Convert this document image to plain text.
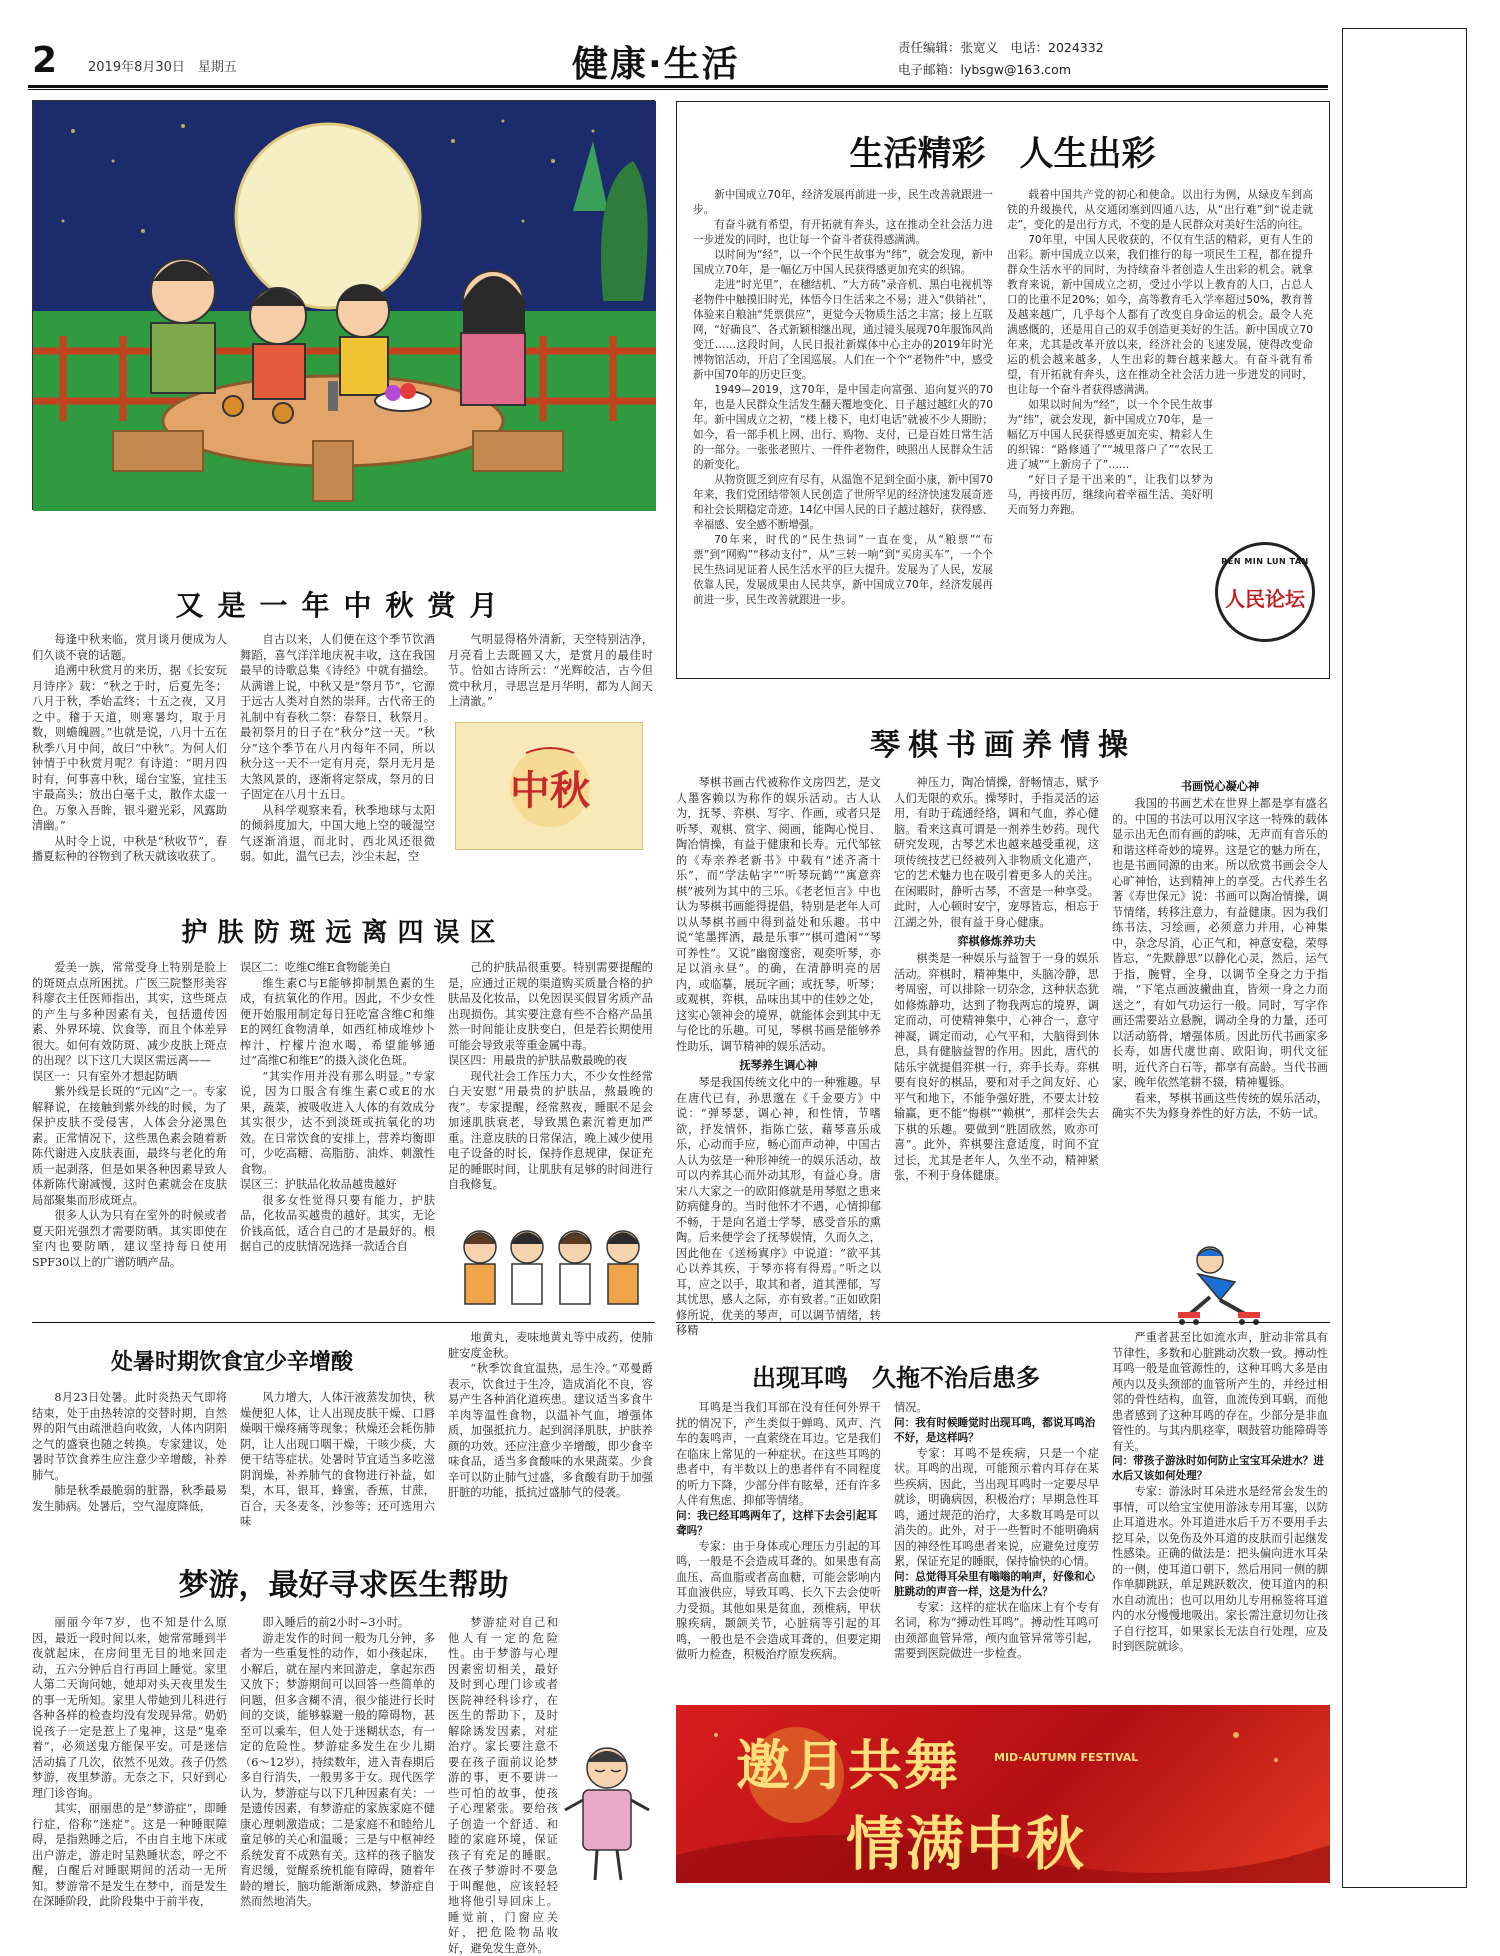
2 2019年8月30日　星期五	健康·生活	责任编辑：张宽义　电话：2024332
电子邮箱：lybsgw@163.com
生活精彩　人生出彩

新中国成立70年，经济发展再前进一步，民生改善就跟进一步。

有奋斗就有希望，有开拓就有奔头，这在推动全社会活力进一步迸发的同时，也让每一个奋斗者获得感满满。

以时间为“经”，以一个个民生故事为“纬”，就会发现，新中国成立70年，是一幅亿万中国人民获得感更加充实的织锦。

走进“时光里”，在穗结机、“大方砖”录音机、黑白电视机等老物件中触摸旧时光，体悟今日生活来之不易；进入“供销社”，体验来自粮油“凭票供应”，更觉今天物质生活之丰富；接上互联网，“好确良”、各式新颖相继出现，通过镜头展现70年服饰风尚变迁……这段时间，人民日报社新媒体中心主办的2019年时光博物馆活动，开启了全国巡展。人们在一个个“老物件”中，感受新中国70年的历史巨变。

1949—2019，这70年，是中国走向富强、追向复兴的70年，也是人民群众生活发生翻天覆地变化、日子越过越红火的70年。新中国成立之初，“楼上楼下，电灯电话”就被不少人期盼；如今，看一部手机上网、出行、购物、支付，已是百姓日常生活的一部分。一张张老照片、一件件老物件，映照出人民群众生活的新变化。

从物资匮乏到应有尽有，从温饱不足到全面小康，新中国70年来，我们党团结带领人民创造了世所罕见的经济快速发展奇迹和社会长期稳定奇迹。14亿中国人民的日子越过越好，获得感、幸福感、安全感不断增强。

70年来，时代的“民生热词”一直在变，从“粮票”“布票”到“网购”“移动支付”，从“三转一响”到“买房买车”，一个个民生热词见证着人民生活水平的巨大提升。发展为了人民，发展依靠人民，发展成果由人民共享，新中国成立70年，经济发展再前进一步，民生改善就跟进一步。

载着中国共产党的初心和使命。以出行为例，从绿皮车到高铁的升级换代，从交通闭塞到四通八达，从“出行难”到“说走就走”，变化的是出行方式，不变的是人民群众对美好生活的向往。

70年里，中国人民收获的，不仅有生活的精彩，更有人生的出彩。新中国成立以来，我们推行的每一项民生工程，都在提升群众生活水平的同时，为持续奋斗者创造人生出彩的机会。就拿教育来说，新中国成立之初，受过小学以上教育的人口，占总人口的比重不足20%；如今，高等教育毛入学率超过50%，教育普及越来越广，几乎每个人都有了改变自身命运的机会。最令人充满感慨的，还是用自己的双手创造更美好的生活。新中国成立70年来，尤其是改革开放以来，经济社会的飞速发展，使得改变命运的机会越来越多，人生出彩的舞台越来越大。有奋斗就有希望，有开拓就有奔头，这在推动全社会活力进一步迸发的同时，也让每一个奋斗者获得感满满。

如果以时间为“经”，以一个个民生故事为“纬”，就会发现，新中国成立70年，是一幅亿万中国人民获得感更加充实、精彩人生的织锦：“路修通了”“城里落户了”“农民工进了城”“上新房子了”……

“好日子是干出来的”，让我们以梦为马，再接再厉，继续向着幸福生活、美好明天而努力奔跑。

REN MIN LUN TAN
人民论坛
又是一年中秋赏月

每逢中秋来临，赏月谈月便成为人们久谈不衰的话题。

追溯中秋赏月的来历，据《长安玩月诗序》载：“秋之于时，后夏先冬；八月于秋，季始孟终；十五之夜，又月之中。稽于天道，则寒暑均，取于月数，则蟾魄圆。”也就是说，八月十五在秋季八月中间，故曰“中秋”。为何人们钟情于中秋赏月呢？有诗道：“明月四时有，何事喜中秋，瑶台宝鉴，宜挂玉宇最高头；放出白毫千丈，散作太虚一色。万象入吾眸，银斗避光彩，风露助清幽。”

从时令上说，中秋是“秋收节”，春播夏耘种的谷物到了秋天就该收获了。

自古以来，人们便在这个季节饮酒舞蹈，喜气洋洋地庆祝丰收，这在我国最早的诗歌总集《诗经》中就有描绘。从满谱上说，中秋又是“祭月节”，它源于远古人类对自然的崇拜。古代帝王的礼制中有春秋二祭：春祭日，秋祭月。最初祭月的日子在“秋分”这一天。“秋分”这个季节在八月内每年不同，所以秋分这一天不一定有月亮，祭月无月是大煞风景的，逐渐将定祭成，祭月的日子固定在八月十五日。

从科学观察来看，秋季地球与太阳的倾斜度加大，中国大地上空的暖湿空气逐渐消退，而北时，西北风还很微弱。如此，温气已去，沙尘未起，空

气明显得格外清新，天空特别洁净，月亮看上去既圆又大，是赏月的最佳时节。恰如古诗所云：“光辉皎洁，古今但赏中秋月，寻思岂是月华明，都为人间天上清澈。”

中秋
护肤防斑远离四误区

爱美一族，常常受身上特别是脸上的斑斑点点所困扰。广医三院整形美容科廖衣主任医师指出，其实，这些斑点的产生与多种因素有关，包括遗传因素、外界环境、饮食等，而且个体差异很大。如何有效防斑、减少皮肤上斑点的出现？以下这几大误区需远离——

误区一：只有室外才想起防晒

紫外线是长斑的“元凶”之一。专家解释说，在接触到紫外线的时候，为了保护皮肤不受侵害，人体会分泌黑色素。正常情况下，这些黑色素会随着新陈代谢进入皮肤表面，最终与老化的角质一起剥落，但是如果各种因素导致人体新陈代谢减慢，这时色素就会在皮肤局部聚集而形成斑点。

很多人认为只有在室外的时候或者夏天阳光强烈才需要防晒。其实即使在室内也要防晒，建议坚持每日使用SPF30以上的广谱防晒产品。

误区二：吃维C维E食物能美白

维生素C与E能够抑制黑色素的生成，有抗氧化的作用。因此，不少女性便开始服用制定每日狂吃富含维C和维E的网红食物清单，如西红柿成堆炒卜榨汁，柠檬片泡水喝，希望能够通过“高维C和维E”的摄入淡化色斑。

“其实作用并没有那么明显。”专家说，因为口服含有维生素C或E的水果，蔬菜，被吸收进入人体的有效成分其实很少，达不到淡斑或抗氧化的功效。在日常饮食的安排上，营养均衡即可，少吃高糖、高脂肪、油炸、刺激性食物。

误区三：护肤品化妆品越贵越好

很多女性觉得只要有能力，护肤品，化妆品买越贵的越好。其实，无论价钱高低，适合自己的才是最好的。根据自己的皮肤情况选择一款适合自

己的护肤品很重要。特别需要提醒的是，应通过正规的渠道购买质量合格的护肤品及化妆品，以免因误买假冒劣质产品出现损伤。其实要注意有些不合格产品虽然一时间能让皮肤变白，但是若长期使用可能会导致汞等重金属中毒。

误区四：用最贵的护肤品敷最晚的夜

现代社会工作压力大，不少女性经常白天安慰“用最贵的护肤品，熬最晚的夜”。专家提醒，经常熬夜，睡眠不足会加速肌肤衰老，导致黑色素沉着更加严重。注意皮肤的日常保洁，晚上减少使用电子设备的时长，保持作息规律，保证充足的睡眠时间，让肌肤有足够的时间进行自我修复。

琴棋书画养情操

琴棋书画古代被称作文房四艺，是文人墨客赖以为称作的娱乐活动。古人认为，抚琴、弈棋、写字、作画，或者只是听琴、观棋、赏字、阅画，能陶心悦目、陶冶情操，有益于健康和长寿。元代邹铉的《寿亲养老新书》中载有“述齐斋十乐”，而“学法帖字”“听琴玩鹤”“寓意弈棋”被列为其中的三乐。《老老恒言》中也认为琴棋书画能得提倡，特别是老年人可以从琴棋书画中得到益处和乐趣。书中说“笔墨挥洒，最是乐事”“棋可遣闲”“琴可养性”。又说“幽窗邃密，观奕听琴，亦足以消永昼”。的确，在清静明亮的居内，或临摹，展玩字画；或抚琴，听琴；或观棋，弈棋，品味出其中的佳妙之处，这实心领神会的境界，就能体会到其中无与伦比的乐趣。可见，琴棋书画是能够养性助乐，调节精神的娱乐活动。

抚琴养生调心神

琴是我国传统文化中的一种雅趣。早在唐代已有，孙思邈在《千金要方》中说：“弹琴瑟，调心神，和性情，节嗜欲，抒发情怀，指陈亡弦，藉琴喜乐成乐，心动而手应，畅心而声动神，中国古人认为弦是一种形神统一的娱乐活动，故可以内养其心而外动其形，有益心身。唐宋八大家之一的欧阳修就是用琴慰之患来防病健身的。当时他怀才不遇，心情抑郁不畅，于是向名道士学琴，感受音乐的熏陶。后来便学会了抚琴娱情，久而久之，因此他在《送杨寘序》中说道：“欲平其心以养其疾，于琴亦将有得焉。”听之以耳，应之以手，取其和者，道其湮郁，写其忧思，感人之际，亦有致者。”正如欧阳修所说，优美的琴声，可以调节情绪，转移精

神压力，陶冶情操，舒畅情志，赋予人们无限的欢乐。操琴时，手指灵活的运用，有助于疏通经络，调和气血，养心健脑。看来这真可谓是一剂养生妙药。现代研究发现，古琴艺术也越来越受重视，这项传统技艺已经被列入非物质文化遗产，它的艺术魅力也在吸引着更多人的关注。在闲暇时，静听古琴，不啻是一种享受。此时，人心顿时安宁，宠辱皆忘，相忘于江湖之外，很有益于身心健康。

弈棋修炼养功夫

棋类是一种娱乐与益智于一身的娱乐活动。弈棋时，精神集中，头脑冷静，思考周密，可以排除一切杂念，这种状态犹如修炼静功，达到了物我两忘的境界，调定而动，可使精神集中，心神合一，意守神凝，调定而动，心气平和，大脑得到休息，具有健脑益智的作用。因此，唐代的陆乐宇就提倡弈棋一行，弈手长寿。弈棋要有良好的棋品，要和对手之间友好、心平气和地下，不能争强好胜，不要太计较输赢，更不能“悔棋”“赖棋”，那样会失去下棋的乐趣。要做到“胜固欣然，败亦可喜”。此外，弈棋要注意适度，时间不宜过长，尤其是老年人，久坐不动，精神紧张，不利于身体健康。

书画悦心凝心神

我国的书画艺术在世界上都是享有盛名的。中国的书法可以用汉字这一特殊的载体显示出无色而有画的韵味，无声而有音乐的和谐这样奇妙的境界。这是它的魅力所在，也是书画同源的由来。所以欣赏书画会令人心旷神怡，达到精神上的享受。古代养生名著《寿世保元》说：书画可以陶冶情操，调节情绪，转移注意力，有益健康。因为我们练书法，习绘画，必须意力并用，心神集中，杂念尽消，心正气和，神意安稳，荣辱皆忘，“先默静思”以静化心灵，然后，运气于指，腕臂，全身，以调节全身之力于指端，“下笔点画波撇曲直，皆须一身之力而送之”，有如气功运行一般。同时，写字作画还需要站立悬腕，调动全身的力量，还可以活动筋骨，增强体质。因此历代书画家多长寿，如唐代虞世南、欧阳询，明代文征明，近代齐白石等，都享有高龄。当代书画家，晚年依然笔耕不辍，精神矍铄。

看来，琴棋书画这些传统的娱乐活动，确实不失为修身养性的好方法，不妨一试。

处暑时期饮食宜少辛增酸

8月23日处暑。此时炎热天气即将结束，处于由热转凉的交替时期，自然界的阳气由疏泄趋向收敛，人体内阴阳之气的盛衰也随之转换。专家建议，处暑时节饮食养生应注意少辛增酸，补养肺气。

肺是秋季最脆弱的脏器，秋季最易发生肺病。处暑后，空气湿度降低，

风力增大，人体汗液蒸发加快，秋燥便犯人体，让人出现皮肤干燥、口唇燥咽干燥疼痛等现象；秋燥还会耗伤肺阴，让人出现口咽干燥，干咳少痰，大便干结等症状。处暑时节宜适当多吃滋阴润燥，补养肺气的食物进行补益，如梨，木耳，银耳，蜂蜜，香蕉，甘蔗，百合，天冬麦冬，沙参等；还可选用六味

地黄丸，麦味地黄丸等中成药，使肺脏安度金秋。

“秋季饮食宜温热，忌生冷。”邓曼爵表示，饮食过于生冷，造成消化不良，容易产生各种消化道疾患。建议适当多食牛羊肉等温性食物，以温补气血，增强体质，加强抵抗力。起到润泽肌肤，护肤养颜的功效。还应注意少辛增酸，即少食辛味食品，适当多食酸味的水果蔬菜。少食辛可以防止肺气过盛，多食酸有助于加强肝脏的功能，抵抗过盛肺气的侵袭。

梦游，最好寻求医生帮助

丽丽今年7岁，也不知是什么原因，最近一段时间以来，她常常睡到半夜就起床，在房间里无目的地来回走动，五六分钟后自行再回上睡觉。家里人第二天询问她，她却对头天夜里发生的事一无所知。家里人带她到儿科进行各种各样的检查均没有发现异常。奶奶说孩子一定是惹上了鬼神，这是“鬼牵着”，必须送鬼方能保平安。可是迷信活动搞了几次，依然不见效。孩子仍然梦游，夜里梦游。无奈之下，只好到心理门诊咨询。

其实，丽丽患的是“梦游症”，即睡行症，俗称“迷症”。这是一种睡眠障碍，是指熟睡之后，不由自主地下床或出户游走，游走时呈熟睡状态，呼之不醒，白醒后对睡眠期间的活动一无所知。梦游常不是发生在梦中，而是发生在深睡阶段，此阶段集中于前半夜，

即入睡后的前2小时~3小时。

游走发作的时间一般为几分钟，多者为一些重复性的动作，如小孩起床，小解后，就在屋内来回游走，拿起东西又放下；梦游期间可以回答一些简单的问题，但多含糊不清，很少能进行长时间的交谈，能够躲避一般的障碍物，甚至可以乘车，但人处于迷糊状态，有一定的危险性。梦游症多发生在少儿期（6～12岁），持续数年，进入青春期后多自行消失，一般男多于女。现代医学认为，梦游症与以下几种因素有关：一是遗传因素，有梦游症的家族家庭不健康心理刺激造成；二是家庭不和睦给儿童足够的关心和温暖；三是与中枢神经系统发育不成熟有关。这样的孩子脑发育迟缓，觉醒系统机能有障碍，随着年龄的增长，脑功能渐渐成熟，梦游症自然而然地消失。

梦游症对自己和他人有一定的危险性。由于梦游与心理因素密切相关，最好及时到心理门诊或者医院神经科诊疗，在医生的帮助下，及时解除诱发因素，对症治疗。家长要注意不要在孩子面前议论梦游的事，更不要讲一些可怕的故事，使孩子心理紧张。要给孩子创造一个舒适、和睦的家庭环境，保证孩子有充足的睡眠。在孩子梦游时不要急于叫醒他，应该轻轻地将他引导回床上。睡觉前，门窗应关好，把危险物品收好，避免发生意外。

出现耳鸣　久拖不治后患多

耳鸣是当我们耳部在没有任何外界干扰的情况下，产生类似于蝉鸣、风声、汽车的轰鸣声，一直萦绕在耳边。它是我们在临床上常见的一种症状。在这些耳鸣的患者中，有半数以上的患者伴有不同程度的听力下降，少部分伴有眩晕，还有许多人伴有焦虑、抑郁等情绪。

问：我已经耳鸣两年了，这样下去会引起耳聋吗？

专家：由于身体或心理压力引起的耳鸣，一般是不会造成耳聋的。如果患有高血压、高血脂或者高血糖，可能会影响内耳血液供应，导致耳鸣、长久下去会使听力受损。其他如果是贫血，颈椎病，甲状腺疾病，颞颌关节，心脏病等引起的耳鸣，一般也是不会造成耳聋的，但要定期做听力检查，积极治疗原发疾病。

情况。

问：我有时候睡觉时出现耳鸣，都说耳鸣治不好，是这样吗？

专家：耳鸣不是疾病，只是一个症状。耳鸣的出现，可能预示着内耳存在某些疾病，因此，当出现耳鸣时一定要尽早就诊，明确病因，积极治疗；早期急性耳鸣，通过规范的治疗，大多数耳鸣是可以消失的。此外，对于一些暂时不能明确病因的神经性耳鸣患者来说，应避免过度劳累，保证充足的睡眠，保持愉快的心情。

问：总觉得耳朵里有嗡嗡的响声，好像和心脏跳动的声音一样，这是为什么？

专家：这样的症状在临床上有个专有名词，称为“搏动性耳鸣”。搏动性耳鸣可由颈部血管异常，颅内血管异常等引起，需要到医院做进一步检查。

严重者甚至比如流水声，脏动非常具有节律性，多数和心脏跳动次数一致。搏动性耳鸣一般是血管源性的，这种耳鸣大多是由颅内以及头颈部的血管所产生的，并经过相邻的骨性结构，血管，血流传到耳蜗，而他患者感到了这种耳鸣的存在。少部分是非血管性的。与其内肌痉挛，咽鼓管功能障碍等有关。

问：带孩子游泳时如何防止宝宝耳朵进水？进水后又该如何处理？

专家：游泳时耳朵进水是经常会发生的事情，可以给宝宝使用游泳专用耳塞，以防止耳道进水。外耳道进水后千万不要用手去挖耳朵，以免伤及外耳道的皮肤而引起继发性感染。正确的做法是：把头偏向进水耳朵的一侧，使耳道口朝下，然后用同一侧的脚作单脚跳跃，单足跳跃数次，使耳道内的积水自动流出；也可以用幼儿专用棉签将耳道内的水分慢慢地吸出。家长需注意切勿让孩子自行挖耳，如果家长无法自行处理，应及时到医院就诊。

邀月共舞	MID-AUTUMN FESTIVAL
情满中秋
